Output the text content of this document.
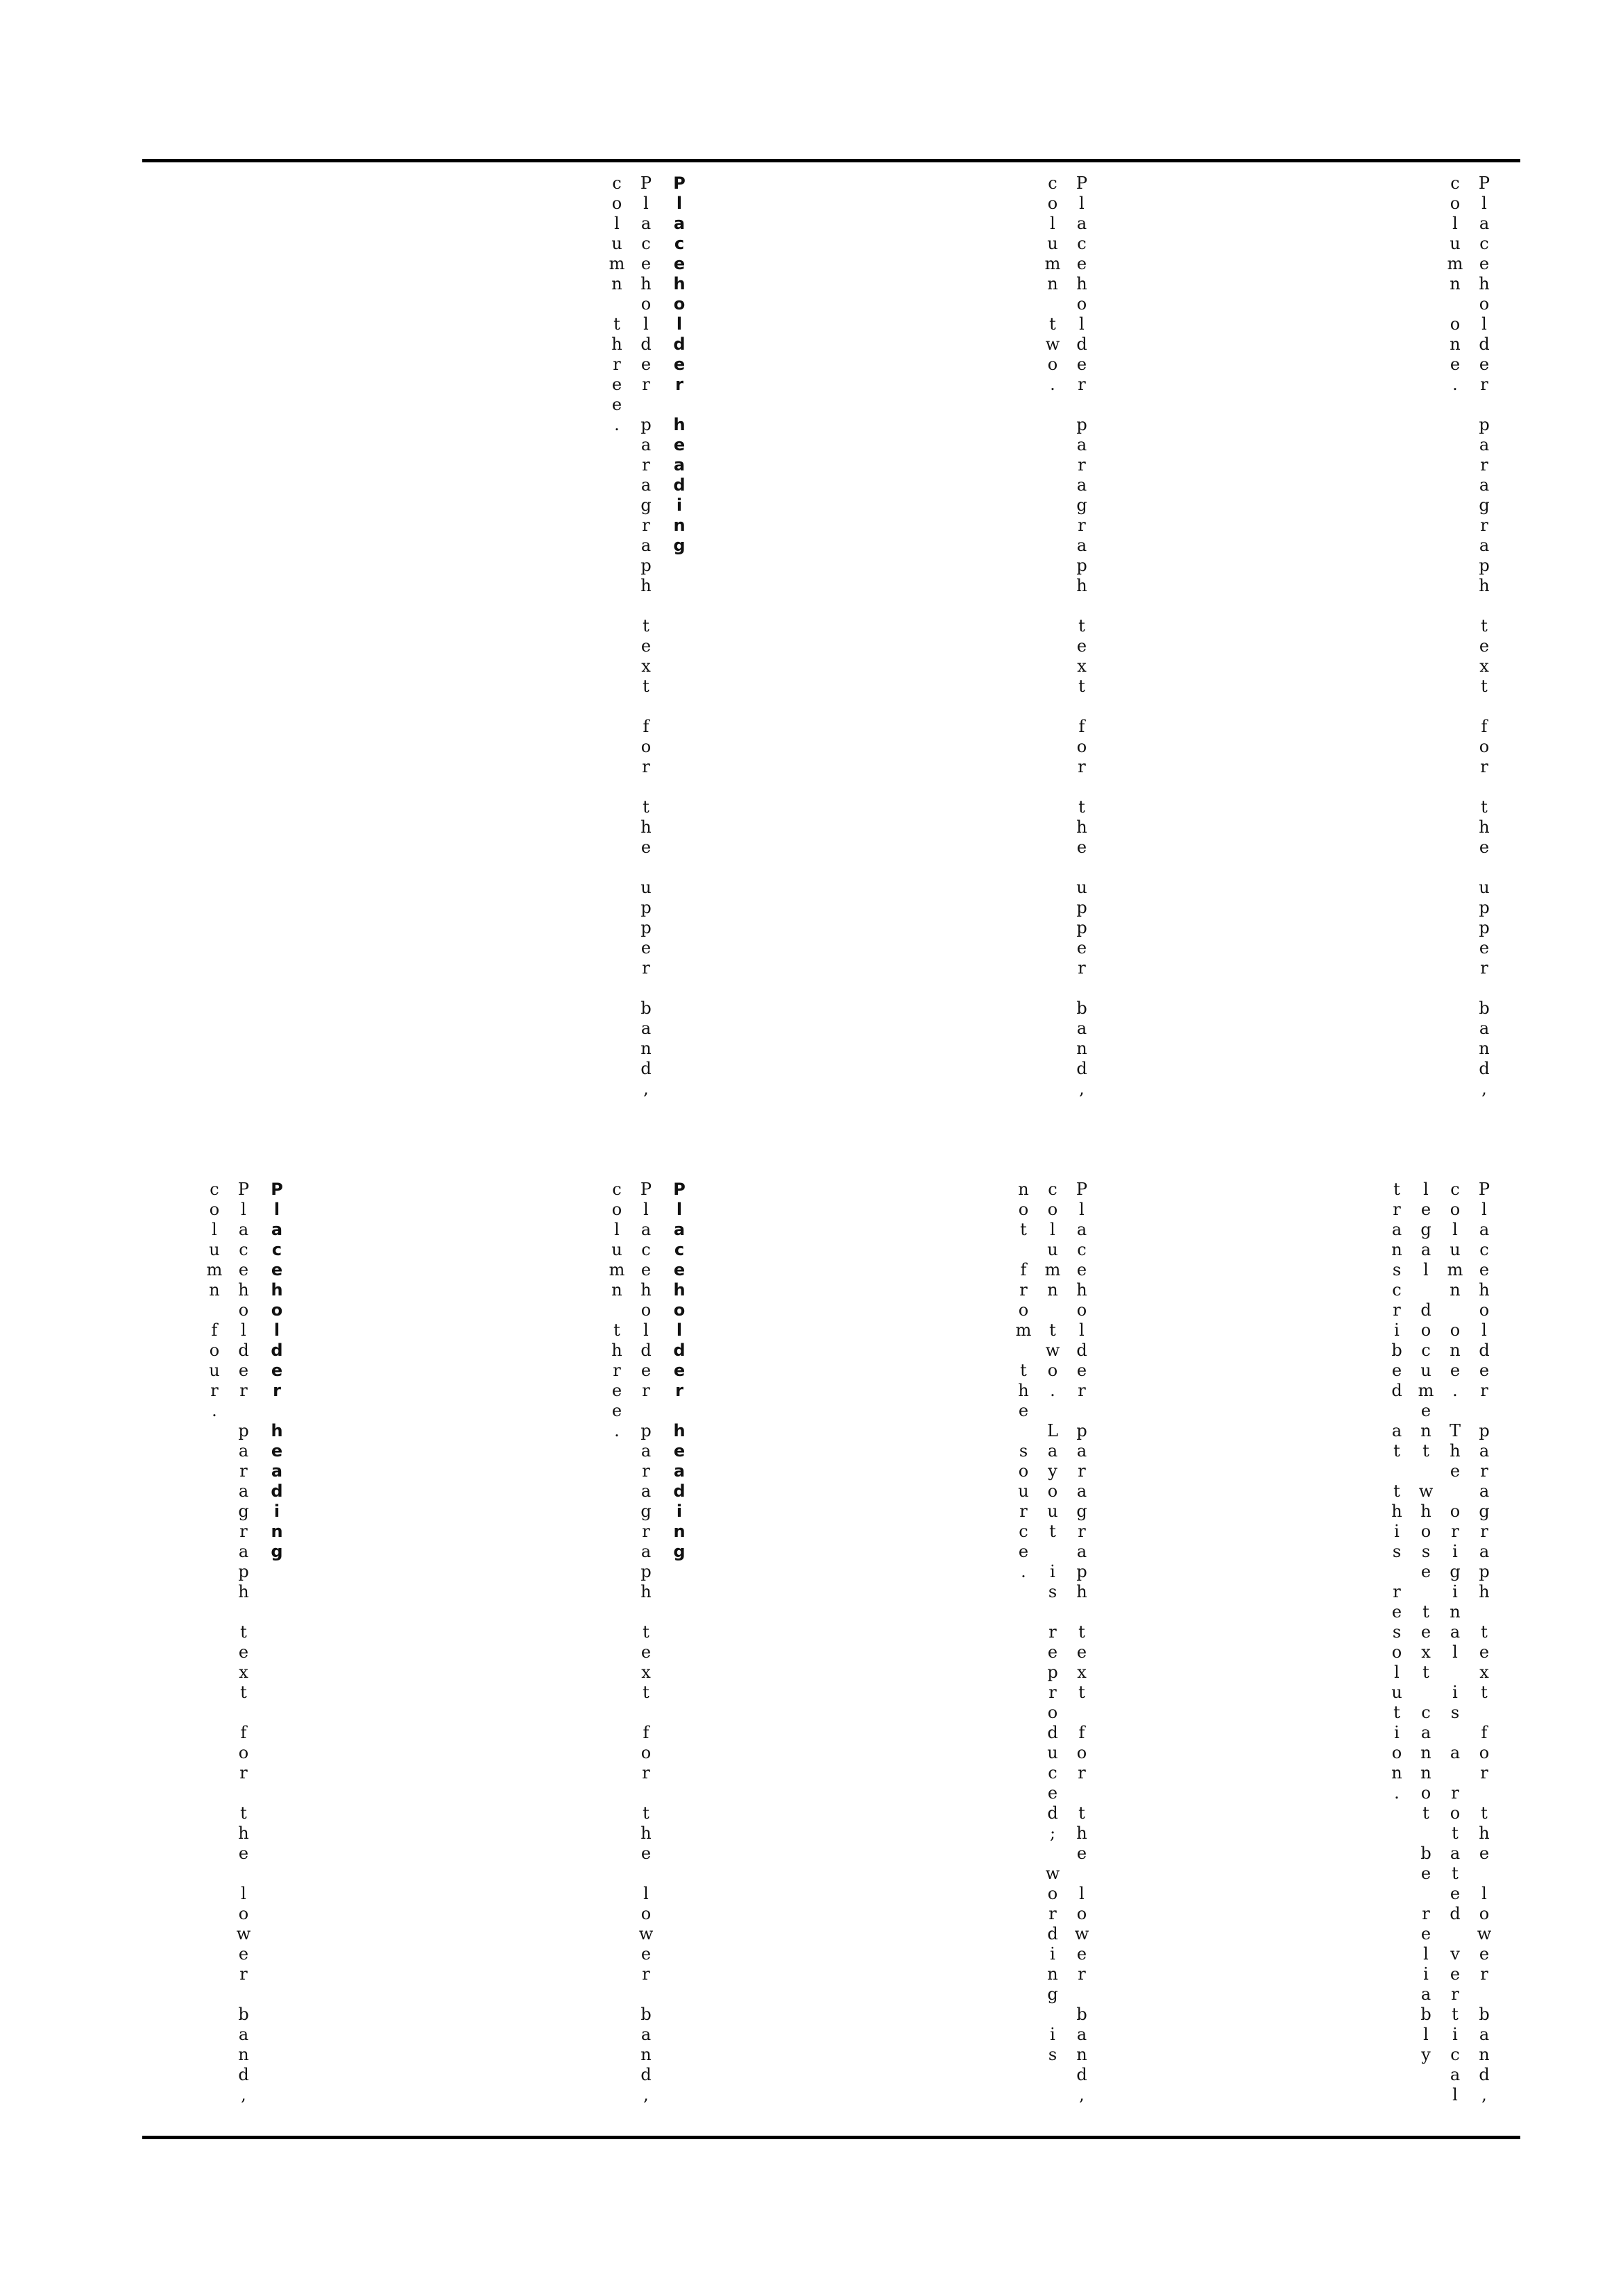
Placeholder paragraph text for the lower band, column one. The original is a rotated vertical legal document whose text cannot be reliably transcribed at this resolution.

Placeholder paragraph text for the lower band, column two. Layout is reproduced; wording is not from the source.

Placeholder heading

Placeholder paragraph text for the lower band, column three.

Placeholder heading

Placeholder paragraph text for the lower band, column four.

Placeholder paragraph text for the upper band, column one.

Placeholder paragraph text for the upper band, column two.

Placeholder heading

Placeholder paragraph text for the upper band, column three.
